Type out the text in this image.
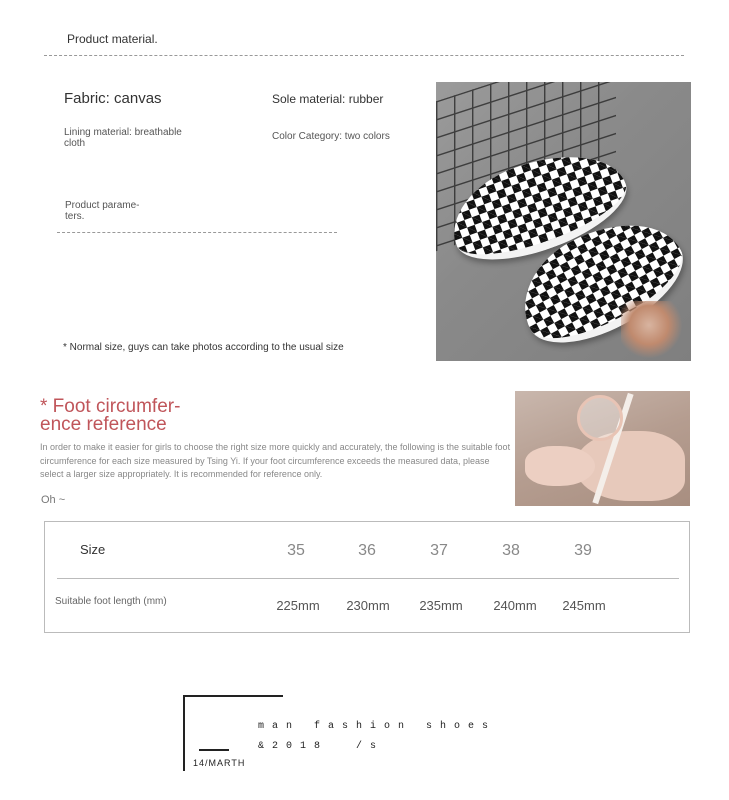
Product material.
Fabric: canvas	Sole material: rubber
Lining material: breathable cloth
Color Category: two colors
Product parame-
ters.
* Normal size, guys can take photos according to the usual size
* Foot circumfer-
ence reference
In order to make it easier for girls to choose the right size more quickly and accurately, the following is the suitable foot circumference for each size measured by Tsing Yi. If your foot circumference exceeds the measured data, please select a larger size appropriately. It is recommended for reference only.
Oh ~
Size	35	36	37	38	39
Suitable foot length (mm)	225mm	230mm	235mm	240mm	245mm
man fashion shoes
&2018  /s
14/MARTH
